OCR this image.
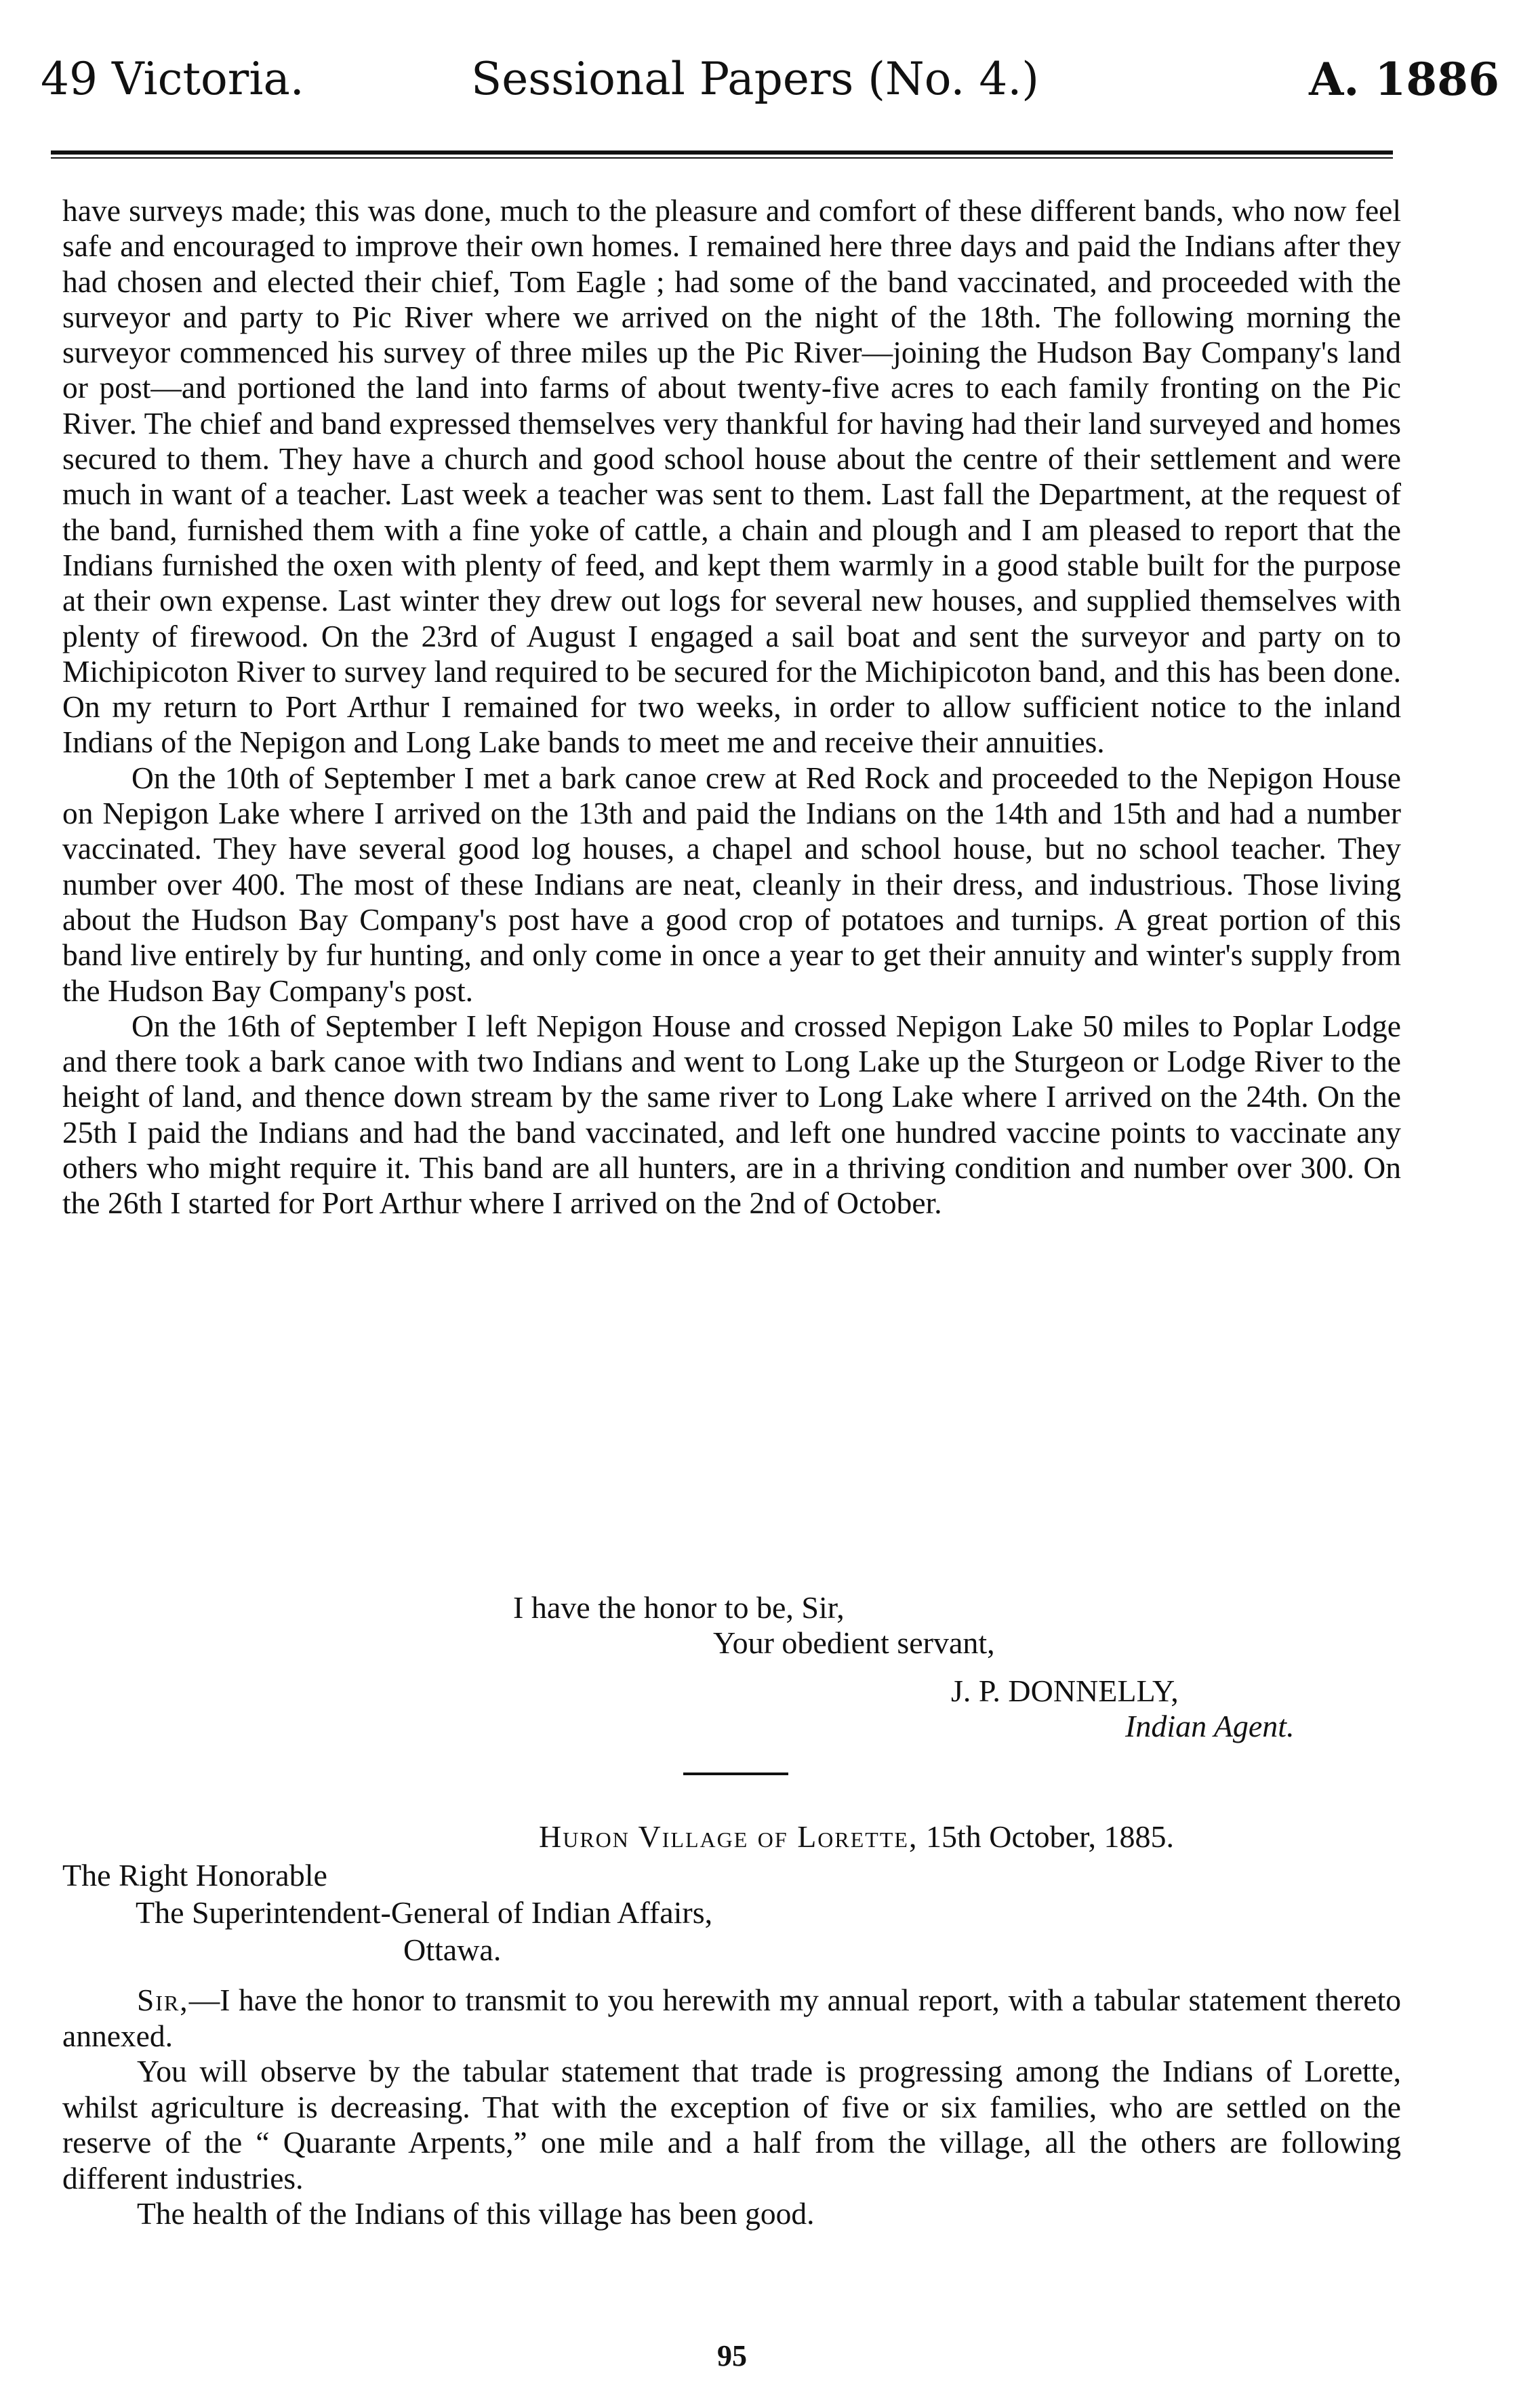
49 Victoria.	Sessional Papers (No. 4.)	A. 1886

have surveys made; this was done, much to the pleasure and comfort of these different bands, who now feel safe and encouraged to improve their own homes. I remained here three days and paid the Indians after they had chosen and elected their chief, Tom Eagle ; had some of the band vaccinated, and proceeded with the surveyor and party to Pic River where we arrived on the night of the 18th. The following morning the surveyor commenced his survey of three miles up the Pic River—joining the Hudson Bay Company's land or post—and portioned the land into farms of about twenty-five acres to each family fronting on the Pic River. The chief and band expressed themselves very thankful for having had their land surveyed and homes secured to them. They have a church and good school house about the centre of their settlement and were much in want of a teacher. Last week a teacher was sent to them. Last fall the Department, at the request of the band, furnished them with a fine yoke of cattle, a chain and plough and I am pleased to report that the Indians furnished the oxen with plenty of feed, and kept them warmly in a good stable built for the purpose at their own expense. Last winter they drew out logs for several new houses, and supplied themselves with plenty of firewood. On the 23rd of August I engaged a sail boat and sent the surveyor and party on to Michipicoton River to survey land required to be secured for the Michipicoton band, and this has been done. On my return to Port Arthur I remained for two weeks, in order to allow sufficient notice to the inland Indians of the Nepigon and Long Lake bands to meet me and receive their annuities.

On the 10th of September I met a bark canoe crew at Red Rock and proceeded to the Nepigon House on Nepigon Lake where I arrived on the 13th and paid the Indians on the 14th and 15th and had a number vaccinated. They have several good log houses, a chapel and school house, but no school teacher. They number over 400. The most of these Indians are neat, cleanly in their dress, and industrious. Those living about the Hudson Bay Company's post have a good crop of potatoes and turnips. A great portion of this band live entirely by fur hunting, and only come in once a year to get their annuity and winter's supply from the Hudson Bay Company's post.

On the 16th of September I left Nepigon House and crossed Nepigon Lake 50 miles to Poplar Lodge and there took a bark canoe with two Indians and went to Long Lake up the Sturgeon or Lodge River to the height of land, and thence down stream by the same river to Long Lake where I arrived on the 24th. On the 25th I paid the Indians and had the band vaccinated, and left one hundred vaccine points to vaccinate any others who might require it. This band are all hunters, are in a thriving condition and number over 300. On the 26th I started for Port Arthur where I arrived on the 2nd of October.

I have the honor to be, Sir,
Your obedient servant,
J. P. DONNELLY,
Indian Agent.
Huron Village of Lorette, 15th October, 1885.
The Right Honorable
The Superintendent-General of Indian Affairs,
Ottawa.

Sir,—I have the honor to transmit to you herewith my annual report, with a tabular statement thereto annexed.

You will observe by the tabular statement that trade is progressing among the Indians of Lorette, whilst agriculture is decreasing. That with the exception of five or six families, who are settled on the reserve of the “ Quarante Arpents,” one mile and a half from the village, all the others are following different industries.

The health of the Indians of this village has been good.

95
